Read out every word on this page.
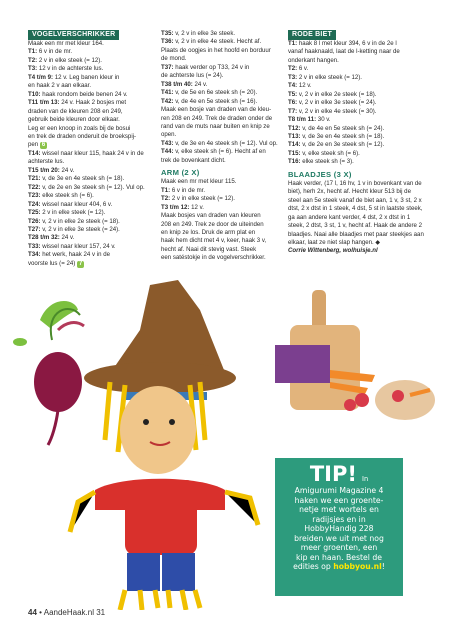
VOGELVERSCHRIKKER
Maak een mr met kleur 164.
T1: 6 v in de mr.
T2: 2 v in elke steek (= 12).
T3: 12 v in de achterste lus.
T4 t/m 9: 12 v. Leg banen kleur in
en haak 2 v aan elkaar.
T10: haak rondom beide benen 24 v.
T11 t/m 13: 24 v. Haak 2 bosjes met
draden van de kleuren 208 en 249,
gebruik beide kleuren door elkaar.
Leg er een knoop in zoals bij de bosui
en trek de draden onderuit de broekspij-
pen 6
T14: wissel naar kleur 115, haak 24 v in de
achterste lus.
T15 t/m 20: 24 v.
T21: v, de 3e en 4e steek sh (= 18).
T22: v, de 2e en 3e steek sh (= 12). Vul op.
T23: elke steek sh (= 6).
T24: wissel naar kleur 404, 6 v.
T25: 2 v in elke steek (= 12).
T26: v, 2 v in elke 2e steek (= 18).
T27: v, 2 v in elke 3e steek (= 24).
T28 t/m 32: 24 v.
T33: wissel naar kleur 157, 24 v.
T34: het werk, haak 24 v in de
voorste lus (= 24) 7
T35: v, 2 v in elke 3e steek.
T36: v, 2 v in elke 4e steek. Hecht af.
Plaats de oogjes in het hoofd en borduur
de mond.
T37: haak verder op T33, 24 v in
de achterste lus (= 24).
T38 t/m 40: 24 v.
T41: v, de 5e en 6e steek sh (= 20).
T42: v, de 4e en 5e steek sh (= 16).
Maak een bosje van draden van de kleu-
ren 208 en 249. Trek de draden onder de
rand van de muts naar buiten en knip ze
open.
T43: v, de 3e en 4e steek sh (= 12). Vul op.
T44: v, elke steek sh (= 6). Hecht af en
trek de bovenkant dicht.
ARM (2 X)
Maak een mr met kleur 115.
T1: 6 v in de mr.
T2: 2 v in elke steek (= 12).
T3 t/m 12: 12 v.
Maak bosjes van draden van kleuren
208 en 249. Trek ze door de uiteinden
en knip ze los. Druk de arm plat en
haak hem dicht met 4 v, keer, haak 3 v,
hecht af. Naai dit stevig vast. Steek
een satéstokje in de vogelverschrikker.
RODE BIET
T1: haak 8 l met kleur 394, 6 v in de 2e l
vanaf haaknaald, laat de l-ketting naar de
onderkant hangen.
T2: 6 v.
T3: 2 v in elke steek (= 12).
T4: 12 v.
T5: v, 2 v in elke 2e steek (= 18).
T6: v, 2 v in elke 3e steek (= 24).
T7: v, 2 v in elke 4e steek (= 30).
T8 t/m 11: 30 v.
T12: v, de 4e en 5e steek sh (= 24).
T13: v, de 3e en 4e steek sh (= 18).
T14: v, de 2e en 3e steek sh (= 12).
T15: v, elke steek sh (= 6).
T16: elke steek sh (= 3).
BLAADJES (3 X)
Haak verder, (17 l, 16 hv, 1 v in bovenkant van de biet), herh 2x, hecht af. Hecht kleur 513 bij de steel aan 5e steek vanaf de biet aan, 1 v, 3 st, 2 x dtst, 2 x dtst in 1 steek, 4 dst, 5 st in laatste steek, ga aan andere kant verder, 4 dst, 2 x dtst in 1 steek, 2 dtst, 3 st, 1 v, hecht af. Haak de andere 2 blaadjes. Naai alle blaadjes met paar steekjes aan elkaar, laat ze niet slap hangen. ◆
Corrie Wittenberg, wolhuisje.nl
TIP! In

Amigurumi Magazine 4

haken we een groente-

netje met wortels en

radijsjes en in

HobbyHandig 228

breiden we uit met nog

meer groenten, een

kip en haan. Bestel de

edities op hobbyou.nl!

44 • AandeHaak.nl 31
